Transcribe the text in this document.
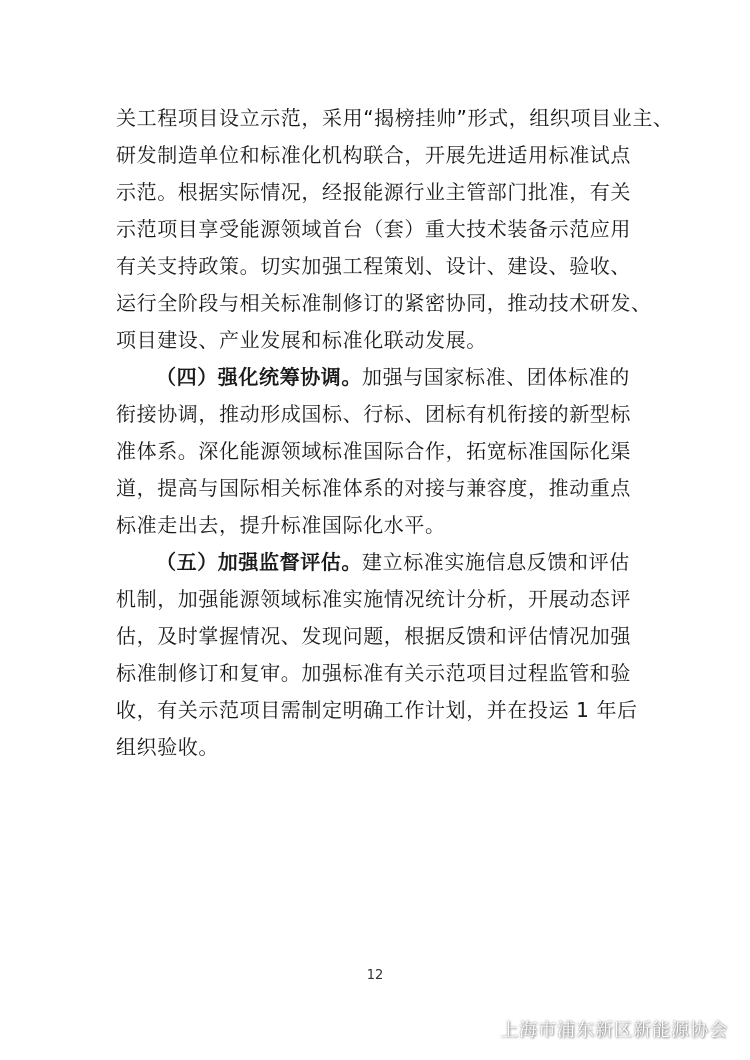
关工程项目设立示范，采用“揭榜挂帅”形式，组织项目业主、
研发制造单位和标准化机构联合，开展先进适用标准试点
示范。根据实际情况，经报能源行业主管部门批准，有关
示范项目享受能源领域首台（套）重大技术装备示范应用
有关支持政策。切实加强工程策划、设计、建设、验收、
运行全阶段与相关标准制修订的紧密协同，推动技术研发、
项目建设、产业发展和标准化联动发展。

（四）强化统筹协调。加强与国家标准、团体标准的
衔接协调，推动形成国标、行标、团标有机衔接的新型标
准体系。深化能源领域标准国际合作，拓宽标准国际化渠
道，提高与国际相关标准体系的对接与兼容度，推动重点
标准走出去，提升标准国际化水平。

（五）加强监督评估。建立标准实施信息反馈和评估
机制，加强能源领域标准实施情况统计分析，开展动态评
估，及时掌握情况、发现问题，根据反馈和评估情况加强
标准制修订和复审。加强标准有关示范项目过程监管和验
收，有关示范项目需制定明确工作计划，并在投运 1 年后
组织验收。

12
上海市浦东新区新能源协会
